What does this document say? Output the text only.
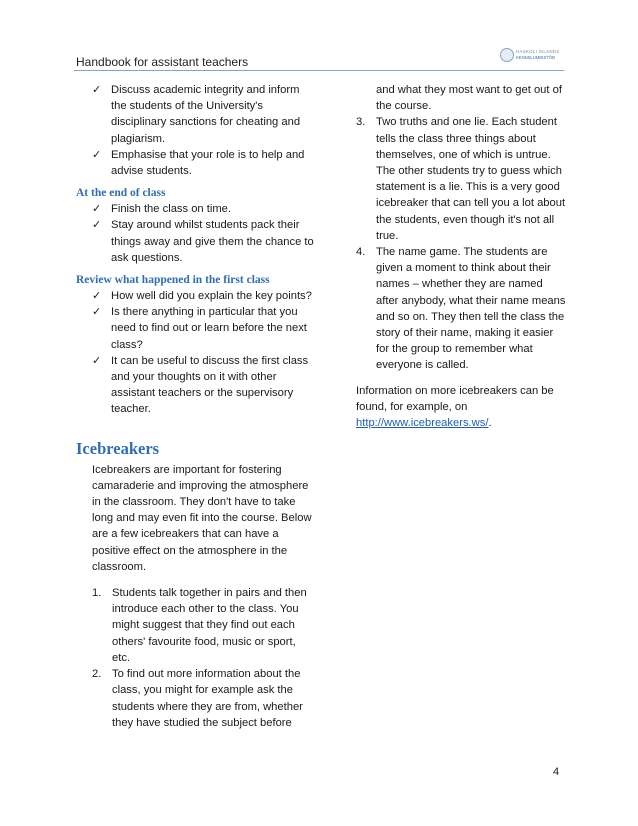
Handbook for assistant teachers
HÁSKÓLI ÍSLANDS
KENNSLUMIÐSTÖÐ
✓ Discuss academic integrity and inform the students of the University's disciplinary sanctions for cheating and plagiarism.
✓ Emphasise that your role is to help and advise students.
At the end of class
✓ Finish the class on time.
✓ Stay around whilst students pack their things away and give them the chance to ask questions.
Review what happened in the first class
✓ How well did you explain the key points?
✓ Is there anything in particular that you need to find out or learn before the next class?
✓ It can be useful to discuss the first class and your thoughts on it with other assistant teachers or the supervisory teacher.
Icebreakers
Icebreakers are important for fostering camaraderie and improving the atmosphere in the classroom. They don't have to take long and may even fit into the course. Below are a few icebreakers that can have a positive effect on the atmosphere in the classroom.
1. Students talk together in pairs and then introduce each other to the class. You might suggest that they find out each others' favourite food, music or sport, etc.
2. To find out more information about the class, you might for example ask the students where they are from, whether they have studied the subject before
and what they most want to get out of the course.
3. Two truths and one lie. Each student tells the class three things about themselves, one of which is untrue. The other students try to guess which statement is a lie. This is a very good icebreaker that can tell you a lot about the students, even though it's not all true.
4. The name game. The students are given a moment to think about their names – whether they are named after anybody, what their name means and so on. They then tell the class the story of their name, making it easier for the group to remember what everyone is called.
Information on more icebreakers can be found, for example, on http://www.icebreakers.ws/.
4
